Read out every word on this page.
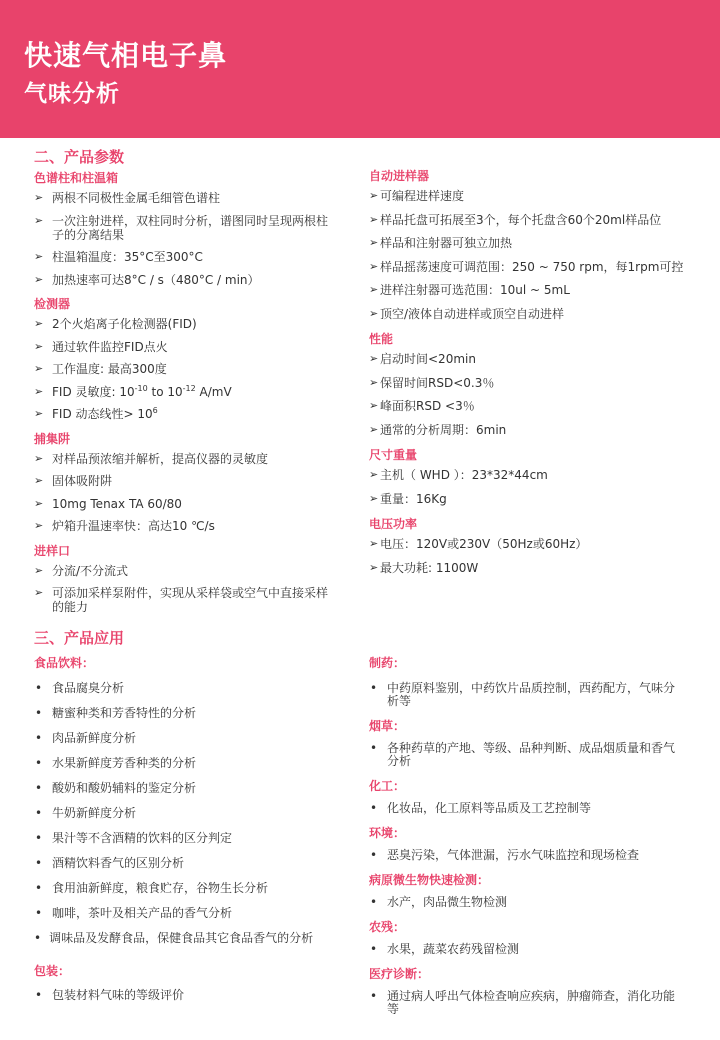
快速气相电子鼻
气味分析
二、产品参数
色谱柱和柱温箱
➢ 两根不同极性金属毛细管色谱柱
➢ 一次注射进样，双柱同时分析，谱图同时呈现两根柱子的分离结果
➢ 柱温箱温度：35°C至300°C
➢ 加热速率可达8°C / s（480°C / min）
检测器
➢ 2个火焰离子化检测器(FID)
➢ 通过软件监控FID点火
➢ 工作温度: 最高300度
➢ FID 灵敏度: $10^{-10}$ to $10^{-12}$ A/mV
➢ FID 动态线性> $10^6$
捕集阱
➢ 对样品预浓缩并解析，提高仪器的灵敏度
➢ 固体吸附阱
➢ 10mg Tenax TA 60/80
➢ 炉箱升温速率快：高达10 ℃/s
进样口
➢ 分流/不分流式
➢ 可添加采样泵附件，实现从采样袋或空气中直接采样的能力
自动进样器
➢ 可编程进样速度
➢ 样品托盘可拓展至3个，每个托盘含60个20ml样品位
➢ 样品和注射器可独立加热
➢ 样品摇荡速度可调范围：250 ~ 750 rpm，每1rpm可控
➢ 进样注射器可选范围：10ul ~ 5mL
➢ 顶空/液体自动进样或顶空自动进样
性能
➢ 启动时间<20min
➢ 保留时间RSD<0.3％
➢ 峰面积RSD <3％
➢ 通常的分析周期：6min
尺寸重量
➢ 主机（ WHD ）：23*32*44cm
➢ 重量：16Kg
电压功率
➢ 电压：120V或230V（50Hz或60Hz）
➢ 最大功耗: 1100W
三、产品应用
食品饮料：
• 食品腐臭分析
• 糖蜜种类和芳香特性的分析
• 肉品新鲜度分析
• 水果新鲜度芳香种类的分析
• 酸奶和酸奶辅料的鉴定分析
• 牛奶新鲜度分析
• 果汁等不含酒精的饮料的区分判定
• 酒精饮料香气的区别分析
• 食用油新鲜度，粮食贮存，谷物生长分析
• 咖啡，茶叶及相关产品的香气分析
• 调味品及发酵食品，保健食品其它食品香气的分析
包装：
• 包装材料气味的等级评价
制药：
• 中药原料鉴别，中药饮片品质控制，西药配方，气味分析等
烟草：
• 各种药草的产地、等级、品种判断、成品烟质量和香气分析
化工：
• 化妆品，化工原料等品质及工艺控制等
环境：
• 恶臭污染，气体泄漏，污水气味监控和现场检查
病原微生物快速检测：
• 水产，肉品微生物检测
农残：
• 水果，蔬菜农药残留检测
医疗诊断：
• 通过病人呼出气体检查响应疾病，肿瘤筛查，消化功能等
